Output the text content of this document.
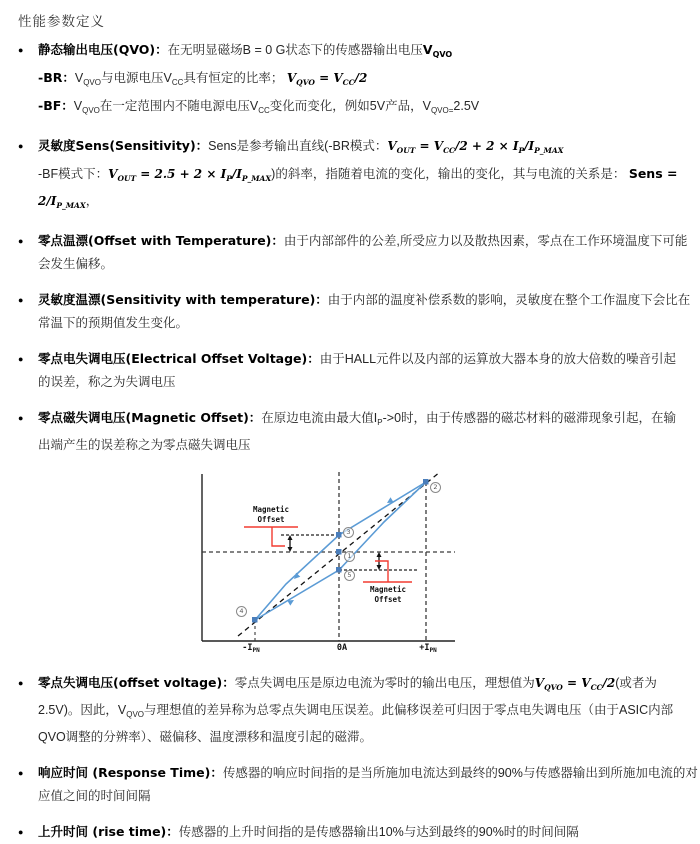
性能参数定义
●	静态输出电压(QVO)：在无明显磁场B = 0 G状态下的传感器输出电压$V_{QVO}$
-BR：$V_{QVO}$与电源电压$V_{CC}$具有恒定的比率； $V_{QVO} = V_{CC}/2$
-BF：$V_{QVO}$在一定范围内不随电源电压$V_{CC}$变化而变化，例如5V产品，$V_{QVO=}2.5V$
●	灵敏度Sens(Sensitivity)：Sens是参考输出直线(-BR模式：$V_{OUT} = V_{CC}/2 + 2 \times I_P/I_{P\_MAX}$
-BF模式下：$V_{OUT} = 2.5 + 2 \times I_P/I_{P\_MAX}$)的斜率，指随着电流的变化，输出的变化，其与电流的关系是： Sens =
$2/I_{P\_MAX}$，
●	零点温漂(Offset with Temperature)：由于内部部件的公差,所受应力以及散热因素，零点在工作环境温度下可能
会发生偏移。
●	灵敏度温漂(Sensitivity with temperature)：由于内部的温度补偿系数的影响，灵敏度在整个工作温度下会比在
常温下的预期值发生变化。
●	零点电失调电压(Electrical Offset Voltage)：由于HALL元件以及内部的运算放大器本身的放大倍数的噪音引起
的误差，称之为失调电压
●	零点磁失调电压(Magnetic Offset)：在原边电流由最大值$I_P->0$时，由于传感器的磁芯材料的磁滞现象引起，在输
出端产生的误差称之为零点磁失调电压
Magnetic
Offset
Magnetic
Offset
$-I_{PN}$	0A	$+I_{PN}$
2
3
1
5
4
●	零点失调电压(offset voltage)：零点失调电压是原边电流为零时的输出电压，理想值为$V_{QVO} = V_{CC}/2$(或者为
2.5V)。因此，$V_{QVO}$与理想值的差异称为总零点失调电压误差。此偏移误差可归因于零点电失调电压（由于ASIC内部
QVO调整的分辨率）、磁偏移、温度漂移和温度引起的磁滞。
●	响应时间 (Response Time)：传感器的响应时间指的是当所施加电流达到最终的90%与传感器输出到所施加电流的对
应值之间的时间间隔
●	上升时间 (rise time)：传感器的上升时间指的是传感器输出10%与达到最终的90%时的时间间隔
